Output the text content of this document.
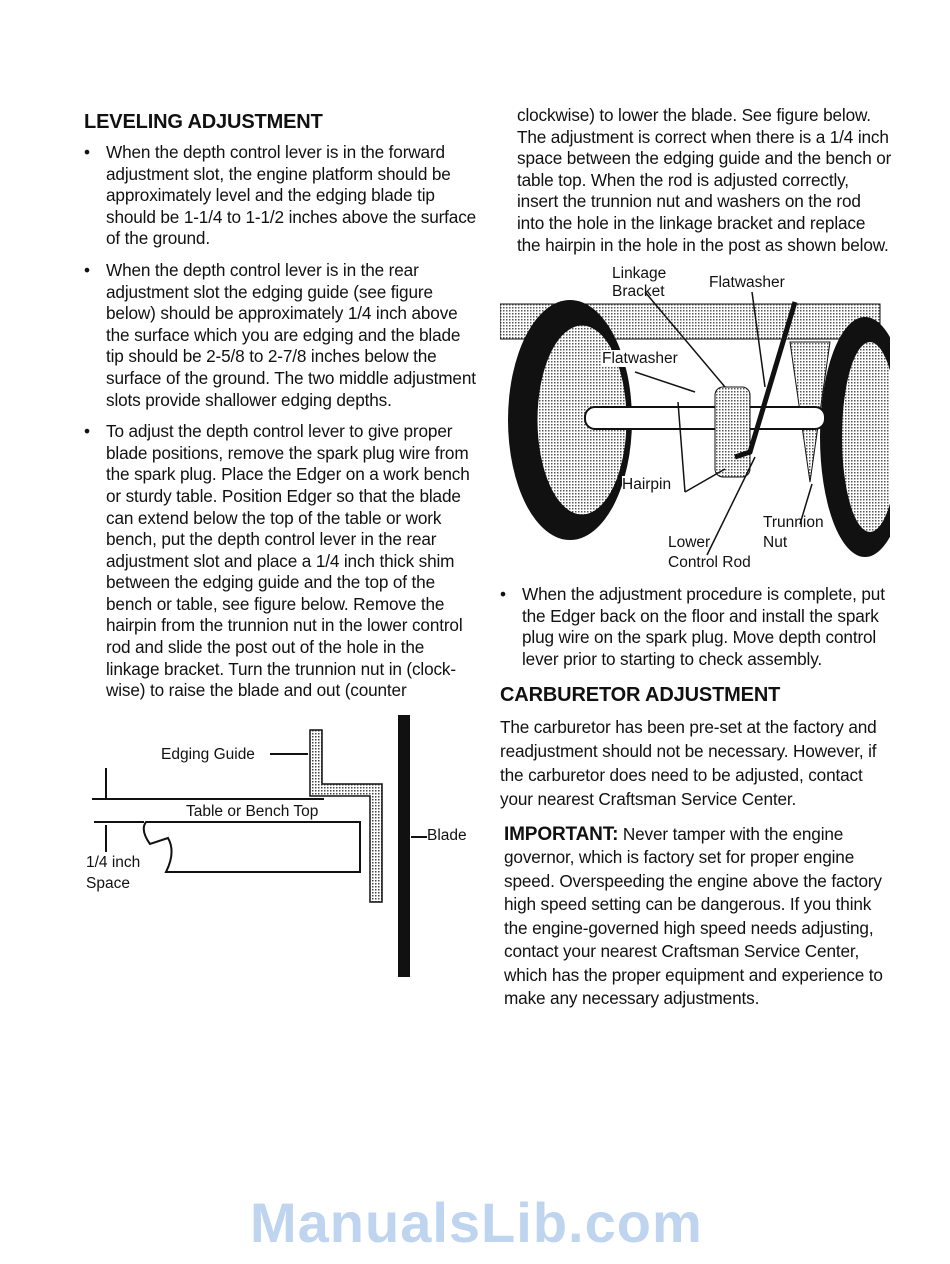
LEVELING ADJUSTMENT
• When the depth control lever is in the forward adjustment slot, the engine platform should be approximately level and the edging blade tip should be 1-1/4 to 1-1/2 inches above the surface of the ground.
• When the depth control lever is in the rear adjustment slot the edging guide (see figure below) should be approximately 1/4 inch above the surface which you are edging and the blade tip should be 2-5/8 to 2-7/8 inches below the surface of the ground. The two middle adjustment slots provide shallower edging depths.
• To adjust the depth control lever to give proper blade positions, remove the spark plug wire from the spark plug. Place the Edger on a work bench or sturdy table. Position Edger so that the blade can extend below the top of the table or work bench, put the depth control lever in the rear adjustment slot and place a 1/4 inch thick shim between the edging guide and the top of the bench or table, see figure below. Remove the hairpin from the trunnion nut in the lower control rod and slide the post out of the hole in the linkage bracket. Turn the trunnion nut in (clock-wise) to raise the blade and out (counter
Edging Guide
Table or Bench Top
1/4 inch
Space
Blade

clockwise) to lower the blade. See figure below. The adjustment is correct when there is a 1/4 inch space between the edging guide and the bench or table top. When the rod is adjusted correctly, insert the trunnion nut and washers on the rod into the hole in the linkage bracket and replace the hairpin in the hole in the post as shown below.

Linkage
Bracket
Flatwasher
Flatwasher
Hairpin
Trunnion
Nut
Lower
Control Rod
• When the adjustment procedure is complete, put the Edger back on the floor and install the spark plug wire on the spark plug. Move depth control lever prior to starting to check assembly.
CARBURETOR ADJUSTMENT

The carburetor has been pre-set at the factory and readjustment should not be necessary. However, if the carburetor does need to be adjusted, contact your nearest Craftsman Service Center.

IMPORTANT: Never tamper with the engine governor, which is factory set for proper engine speed. Overspeeding the engine above the factory high speed setting can be dangerous. If you think the engine-governed high speed needs adjusting, contact your nearest Craftsman Service Center, which has the proper equipment and experience to make any necessary adjustments.

ManualsLib.com
